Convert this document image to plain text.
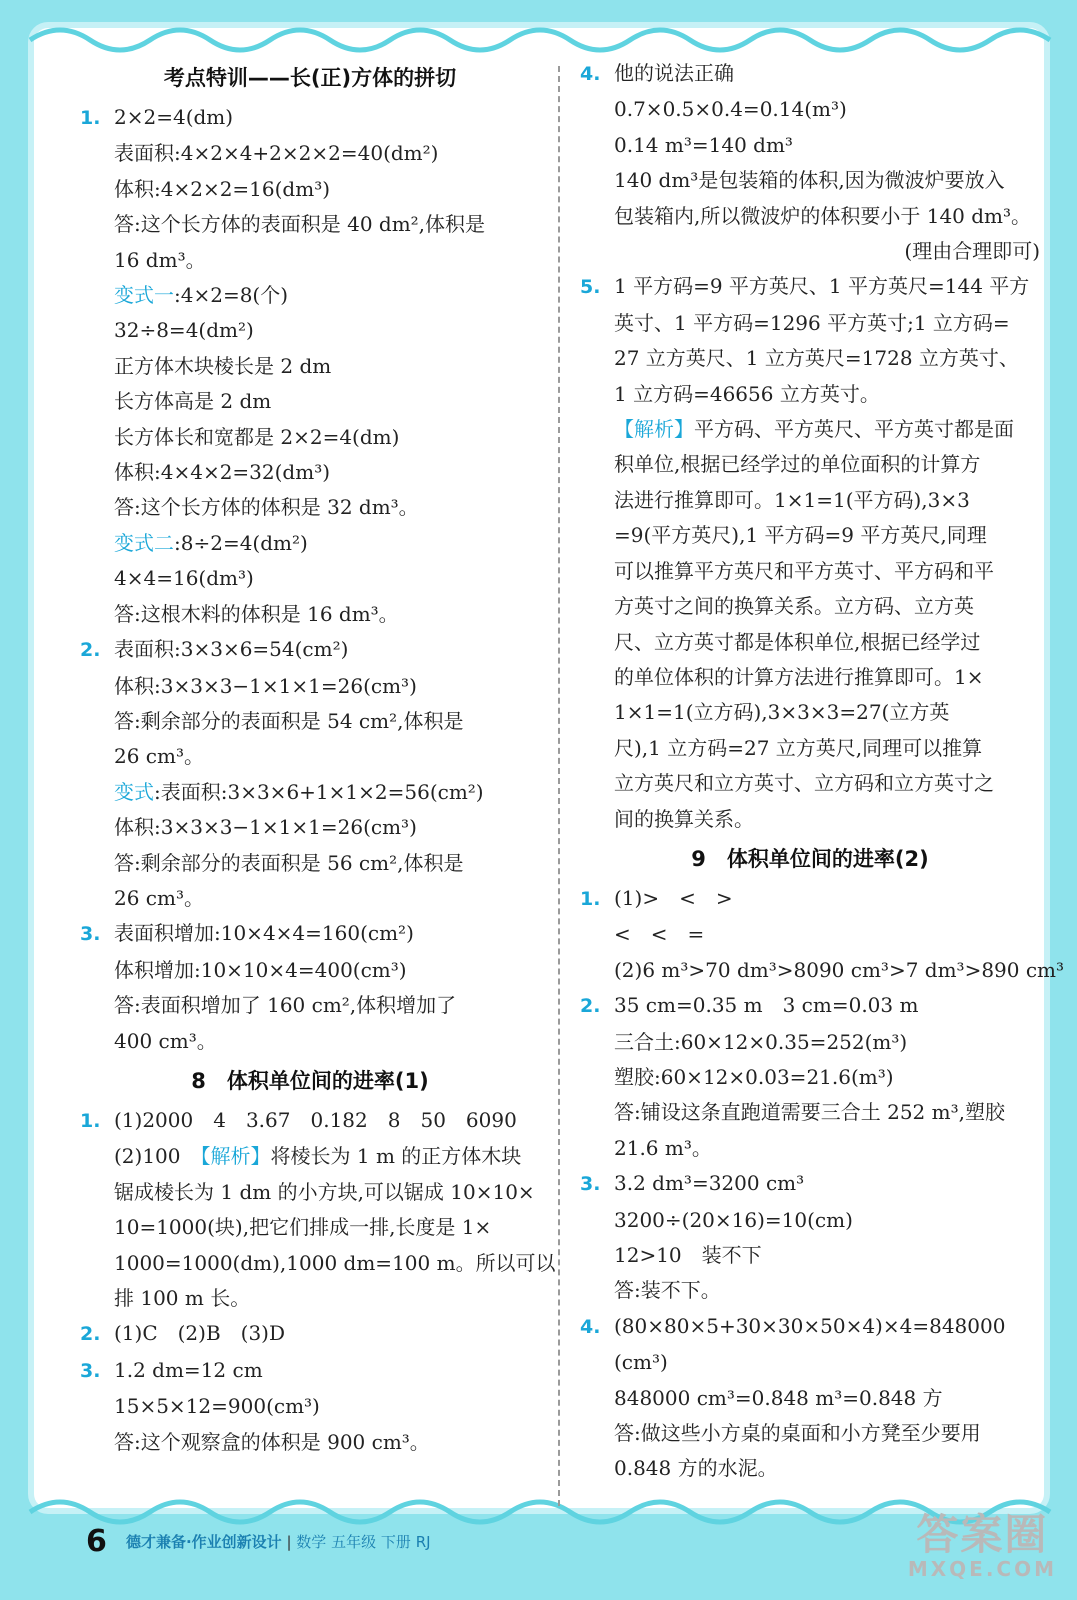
考点特训——长(正)方体的拼切
1. 2×2=4(dm)
表面积:4×2×4+2×2×2=40(dm²)
体积:4×2×2=16(dm³)
答:这个长方体的表面积是 40 dm²,体积是
16 dm³。
变式一:4×2=8(个)
32÷8=4(dm²)
正方体木块棱长是 2 dm
长方体高是 2 dm
长方体长和宽都是 2×2=4(dm)
体积:4×4×2=32(dm³)
答:这个长方体的体积是 32 dm³。
变式二:8÷2=4(dm²)
4×4=16(dm³)
答:这根木料的体积是 16 dm³。
2. 表面积:3×3×6=54(cm²)
体积:3×3×3−1×1×1=26(cm³)
答:剩余部分的表面积是 54 cm²,体积是
26 cm³。
变式:表面积:3×3×6+1×1×2=56(cm²)
体积:3×3×3−1×1×1=26(cm³)
答:剩余部分的表面积是 56 cm²,体积是
26 cm³。
3. 表面积增加:10×4×4=160(cm²)
体积增加:10×10×4=400(cm³)
答:表面积增加了 160 cm²,体积增加了
400 cm³。
8　体积单位间的进率(1)
1. (1)2000　4　3.67　0.182　8　50　6090
(2)100　【解析】将棱长为 1 m 的正方体木块
锯成棱长为 1 dm 的小方块,可以锯成 10×10×
10=1000(块),把它们排成一排,长度是 1×
1000=1000(dm),1000 dm=100 m。所以可以
排 100 m 长。
2. (1)C　(2)B　(3)D
3. 1.2 dm=12 cm
15×5×12=900(cm³)
答:这个观察盒的体积是 900 cm³。
4. 他的说法正确
0.7×0.5×0.4=0.14(m³)
0.14 m³=140 dm³
140 dm³是包装箱的体积,因为微波炉要放入
包装箱内,所以微波炉的体积要小于 140 dm³。
(理由合理即可)
5. 1 平方码=9 平方英尺、1 平方英尺=144 平方
英寸、1 平方码=1296 平方英寸;1 立方码=
27 立方英尺、1 立方英尺=1728 立方英寸、
1 立方码=46656 立方英寸。
【解析】平方码、平方英尺、平方英寸都是面
积单位,根据已经学过的单位面积的计算方
法进行推算即可。1×1=1(平方码),3×3
=9(平方英尺),1 平方码=9 平方英尺,同理
可以推算平方英尺和平方英寸、平方码和平
方英寸之间的换算关系。立方码、立方英
尺、立方英寸都是体积单位,根据已经学过
的单位体积的计算方法进行推算即可。1×
1×1=1(立方码),3×3×3=27(立方英
尺),1 立方码=27 立方英尺,同理可以推算
立方英尺和立方英寸、立方码和立方英寸之
间的换算关系。
9　体积单位间的进率(2)
1. (1)>　<　>
<　<　=
(2)6 m³>70 dm³>8090 cm³>7 dm³>890 cm³
2. 35 cm=0.35 m　3 cm=0.03 m
三合土:60×12×0.35=252(m³)
塑胶:60×12×0.03=21.6(m³)
答:铺设这条直跑道需要三合土 252 m³,塑胶
21.6 m³。
3. 3.2 dm³=3200 cm³
3200÷(20×16)=10(cm)
12>10　装不下
答:装不下。
4. (80×80×5+30×30×50×4)×4=848000
(cm³)
848000 cm³=0.848 m³=0.848 方
答:做这些小方桌的桌面和小方凳至少要用
0.848 方的水泥。
6 德才兼备·作业创新设计 | 数学 五年级 下册 RJ	答案圈
MXQE.COM
